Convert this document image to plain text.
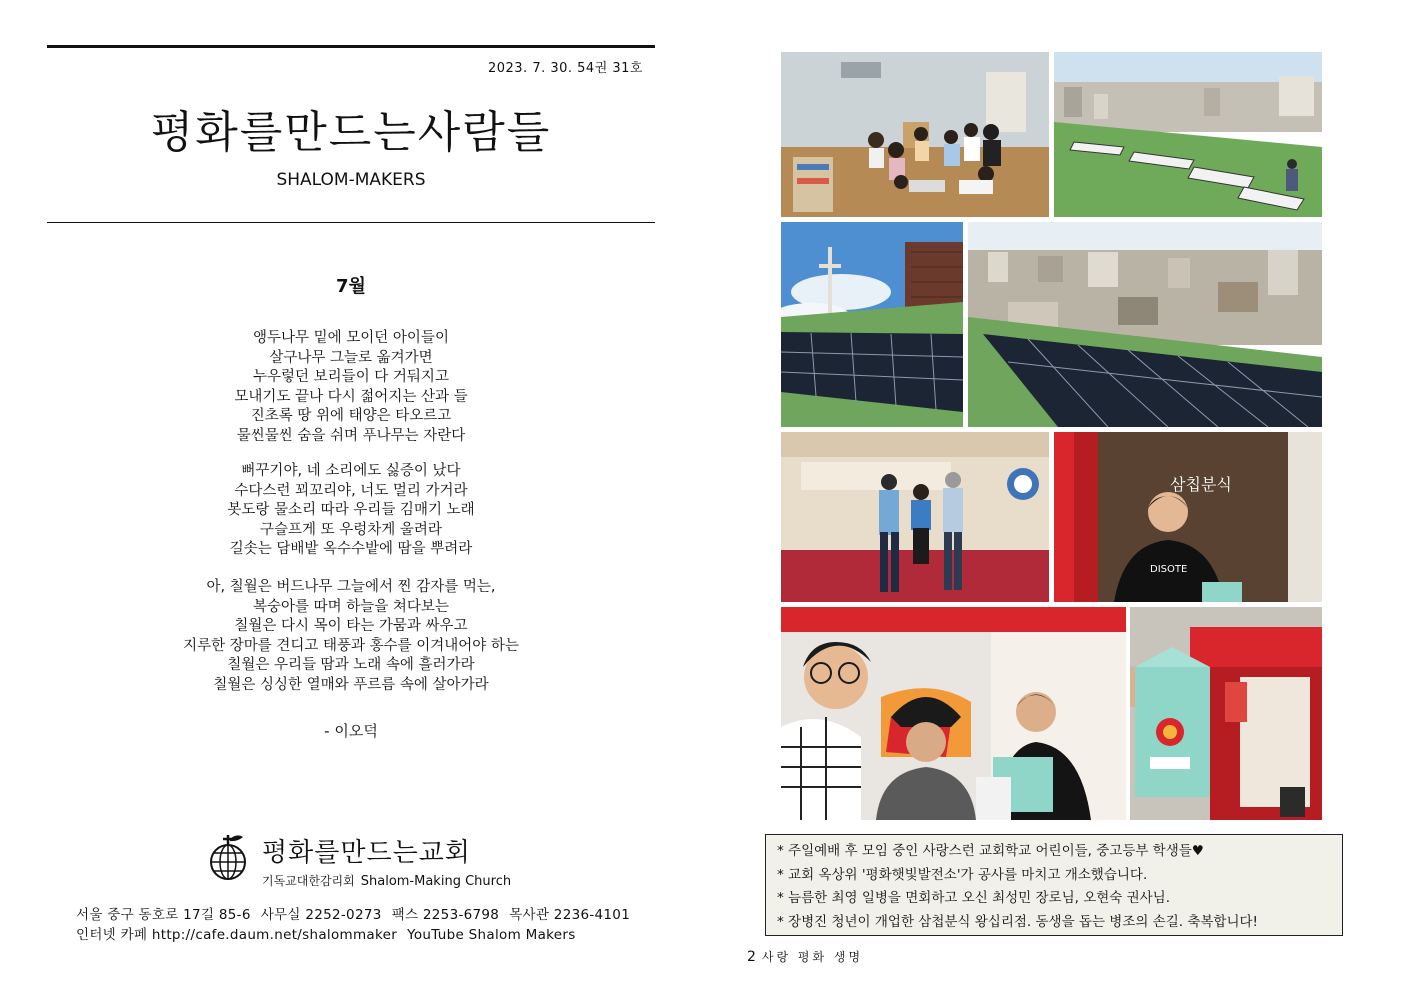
2023. 7. 30. 54권 31호
평화를만드는사람들
SHALOM-MAKERS
7월
앵두나무 밑에 모이던 아이들이
살구나무 그늘로 옮겨가면
누우렇던 보리들이 다 거둬지고
모내기도 끝나 다시 젊어지는 산과 들
진초록 땅 위에 태양은 타오르고
물씬물씬 숨을 쉬며 푸나무는 자란다
뻐꾸기야, 네 소리에도 싫증이 났다
수다스런 꾀꼬리야, 너도 멀리 가거라
봇도랑 물소리 따라 우리들 김매기 노래
구슬프게 또 우렁차게 울려라
길솟는 담배밭 옥수수밭에 땀을 뿌려라
아, 칠월은 버드나무 그늘에서 찐 감자를 먹는,
복숭아를 따며 하늘을 쳐다보는
칠월은 다시 목이 타는 가뭄과 싸우고
지루한 장마를 견디고 태풍과 홍수를 이겨내어야 하는
칠월은 우리들 땀과 노래 속에 흘러가라
칠월은 싱싱한 열매와 푸르름 속에 살아가라
- 이오덕
평화를만드는교회
기독교대한감리회 Shalom-Making Church
서울 중구 동호로 17길 85-6 사무실 2252-0273 팩스 2253-6798 목사관 2236-4101
인터넷 카페 http://cafe.daum.net/shalommaker YouTube Shalom Makers
삼칩분식
DISOTE
* 주일예배 후 모임 중인 사랑스런 교회학교 어린이들, 중고등부 학생들♥
* 교회 옥상위 '평화햇빛발전소'가 공사를 마치고 개소했습니다.
* 늠름한 최영 일병을 면회하고 오신 최성민 장로님, 오현숙 권사님.
* 장병진 청년이 개업한 삼첩분식 왕십리점. 동생을 돕는 병조의 손길. 축복합니다!
2 사랑 평화 생명
